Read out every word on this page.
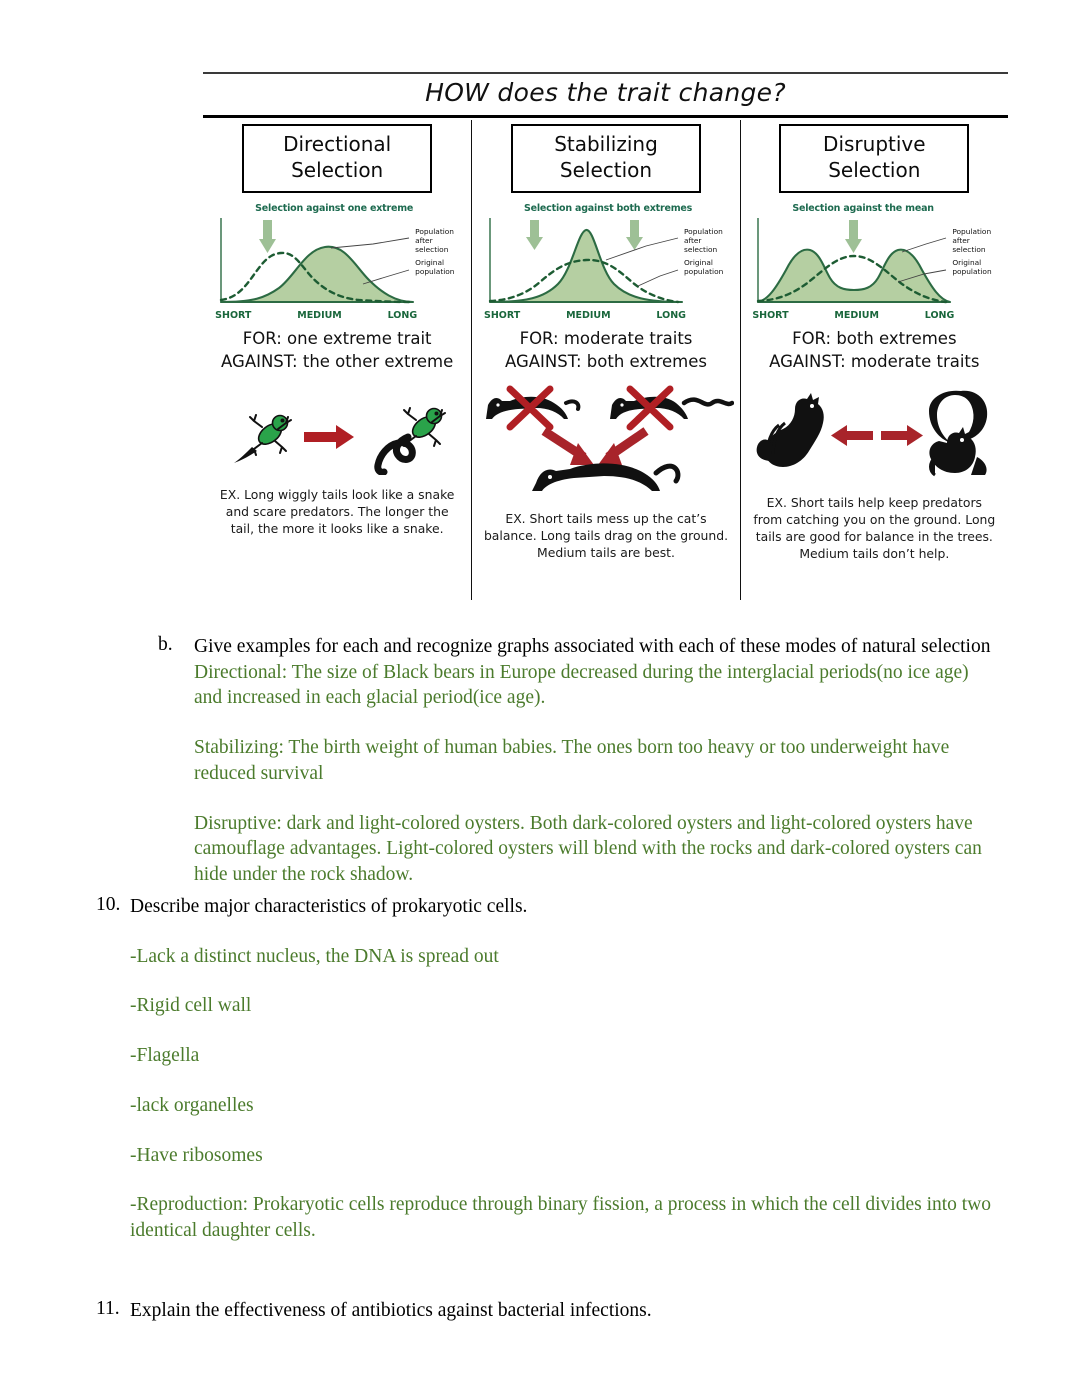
HOW does the trait change?
Directional
Selection
Selection against one extreme
Population after selection
Original population
SHORT	MEDIUM	LONG
FOR: one extreme trait
AGAINST: the other extreme
EX. Long wiggly tails look like a snake and scare predators. The longer the tail, the more it looks like a snake.
Stabilizing
Selection
Selection against both extremes
Population after selection
Original population
SHORT	MEDIUM	LONG
FOR: moderate traits
AGAINST: both extremes
EX. Short tails mess up the cat’s balance. Long tails drag on the ground. Medium tails are best.
Disruptive
Selection
Selection against the mean
Population after selection
Original population
SHORT	MEDIUM	LONG
FOR: both extremes
AGAINST: moderate traits
EX. Short tails help keep predators from catching you on the ground. Long tails are good for balance in the trees. Medium tails don’t help.
b. Give examples for each and recognize graphs associated with each of these modes of natural selection

Directional: The size of Black bears in Europe decreased during the interglacial periods(no ice age) and increased in each glacial period(ice age).

Stabilizing: The birth weight of human babies. The ones born too heavy or too underweight have reduced survival

Disruptive: dark and light-colored oysters. Both dark-colored oysters and light-colored oysters have camouflage advantages. Light-colored oysters will blend with the rocks and dark-colored oysters can hide under the rock shadow.

10. Describe major characteristics of prokaryotic cells.

-Lack a distinct nucleus, the DNA is spread out

-Rigid cell wall

-Flagella

-lack organelles

-Have ribosomes

-Reproduction: Prokaryotic cells reproduce through binary fission, a process in which the cell divides into two identical daughter cells.

11. Explain the effectiveness of antibiotics against bacterial infections.
